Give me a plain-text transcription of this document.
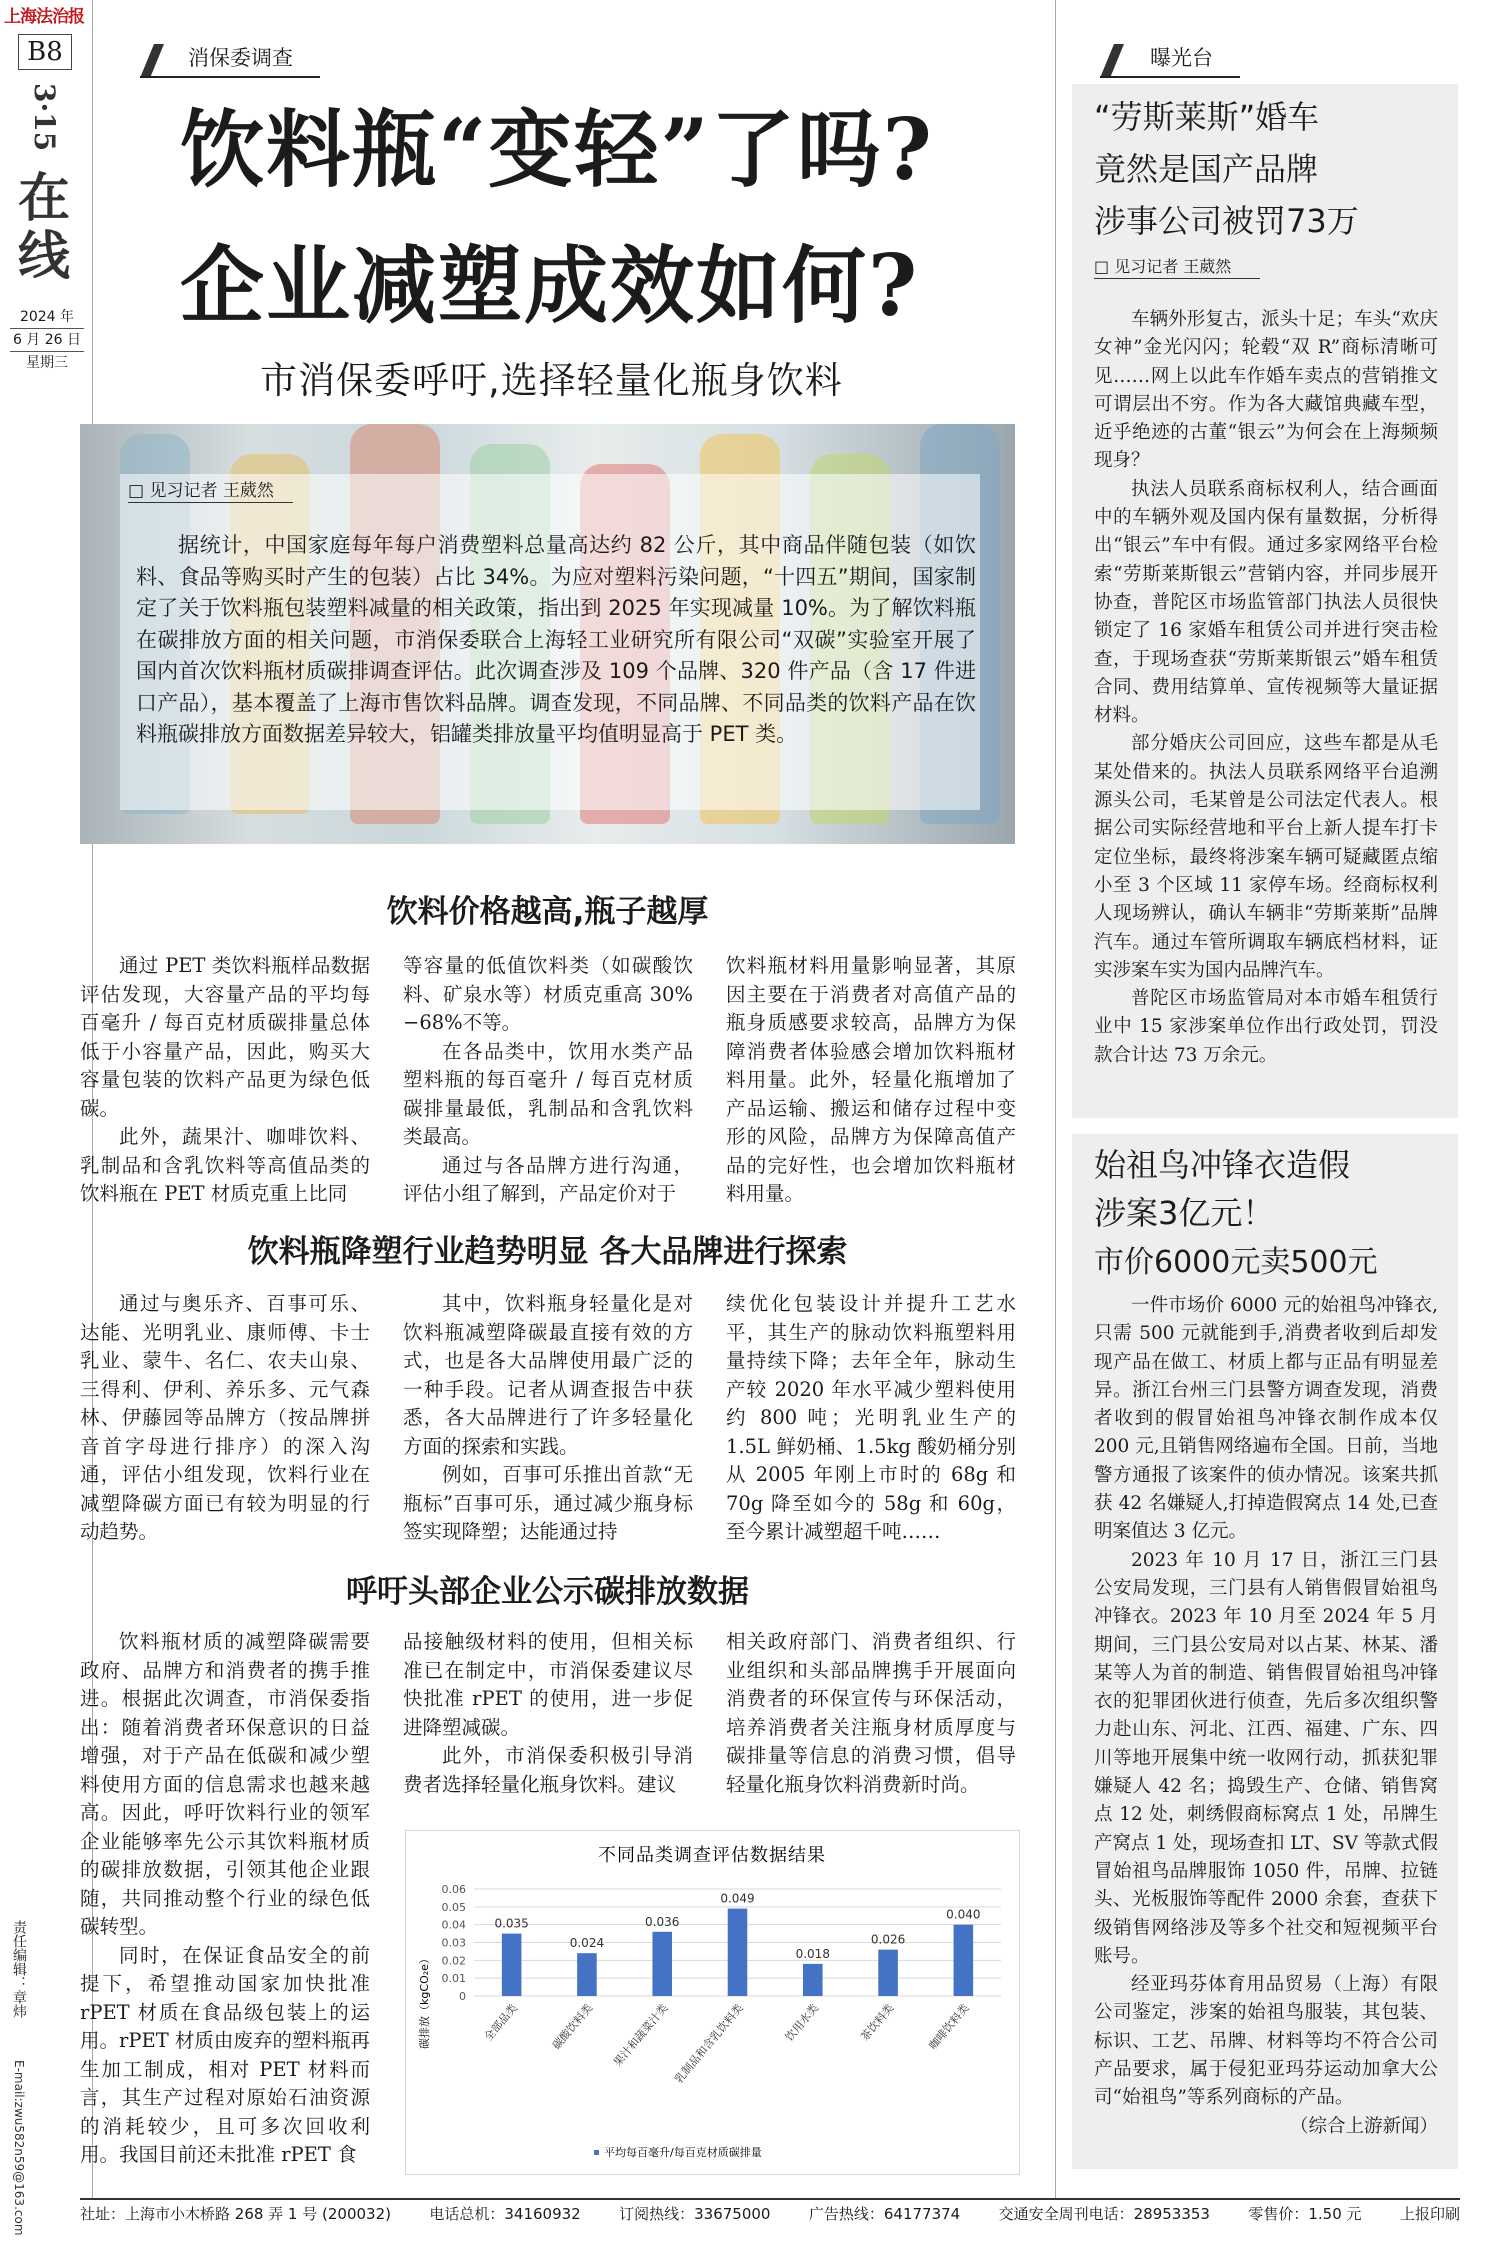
上海法治报
B8
3·15
在
线
2024 年
6 月 26 日
星期三
责任编辑：章炜
E-mail:zwu582n59@163.com
消保委调查
饮料瓶“变轻”了吗?
企业减塑成效如何?
市消保委呼吁,选择轻量化瓶身饮料
□ 见习记者 王葳然

据统计，中国家庭每年每户消费塑料总量高达约 82 公斤，其中商品伴随包装（如饮料、食品等购买时产生的包装）占比 34%。为应对塑料污染问题，“十四五”期间，国家制定了关于饮料瓶包装塑料减量的相关政策，指出到 2025 年实现减量 10%。为了解饮料瓶在碳排放方面的相关问题，市消保委联合上海轻工业研究所有限公司“双碳”实验室开展了国内首次饮料瓶材质碳排调查评估。此次调查涉及 109 个品牌、320 件产品（含 17 件进口产品），基本覆盖了上海市售饮料品牌。调查发现，不同品牌、不同品类的饮料产品在饮料瓶碳排放方面数据差异较大，铝罐类排放量平均值明显高于 PET 类。

饮料价格越高,瓶子越厚

通过 PET 类饮料瓶样品数据评估发现，大容量产品的平均每百毫升 / 每百克材质碳排量总体低于小容量产品，因此，购买大容量包装的饮料产品更为绿色低碳。

此外，蔬果汁、咖啡饮料、乳制品和含乳饮料等高值品类的饮料瓶在 PET 材质克重上比同

等容量的低值饮料类（如碳酸饮料、矿泉水等）材质克重高 30%−68%不等。

在各品类中，饮用水类产品塑料瓶的每百毫升 / 每百克材质碳排量最低，乳制品和含乳饮料类最高。

通过与各品牌方进行沟通，评估小组了解到，产品定价对于

饮料瓶材料用量影响显著，其原因主要在于消费者对高值产品的瓶身质感要求较高，品牌方为保障消费者体验感会增加饮料瓶材料用量。此外，轻量化瓶增加了产品运输、搬运和储存过程中变形的风险，品牌方为保障高值产品的完好性，也会增加饮料瓶材料用量。

饮料瓶降塑行业趋势明显 各大品牌进行探索

通过与奥乐齐、百事可乐、达能、光明乳业、康师傅、卡士乳业、蒙牛、名仁、农夫山泉、三得利、伊利、养乐多、元气森林、伊藤园等品牌方（按品牌拼音首字母进行排序）的深入沟通，评估小组发现，饮料行业在减塑降碳方面已有较为明显的行动趋势。

其中，饮料瓶身轻量化是对饮料瓶减塑降碳最直接有效的方式，也是各大品牌使用最广泛的一种手段。记者从调查报告中获悉，各大品牌进行了许多轻量化方面的探索和实践。

例如，百事可乐推出首款“无瓶标”百事可乐，通过减少瓶身标签实现降塑；达能通过持

续优化包装设计并提升工艺水平，其生产的脉动饮料瓶塑料用量持续下降；去年全年，脉动生产较 2020 年水平减少塑料使用约 800 吨；光明乳业生产的 1.5L 鲜奶桶、1.5kg 酸奶桶分别从 2005 年刚上市时的 68g 和 70g 降至如今的 58g 和 60g，至今累计减塑超千吨……

呼吁头部企业公示碳排放数据

饮料瓶材质的减塑降碳需要政府、品牌方和消费者的携手推进。根据此次调查，市消保委指出：随着消费者环保意识的日益增强，对于产品在低碳和减少塑料使用方面的信息需求也越来越高。因此，呼吁饮料行业的领军企业能够率先公示其饮料瓶材质的碳排放数据，引领其他企业跟随，共同推动整个行业的绿色低碳转型。

同时，在保证食品安全的前提下，希望推动国家加快批准 rPET 材质在食品级包装上的运用。rPET 材质由废弃的塑料瓶再生加工制成，相对 PET 材料而言，其生产过程对原始石油资源的消耗较少，且可多次回收利用。我国目前还未批准 rPET 食

品接触级材料的使用，但相关标准已在制定中，市消保委建议尽快批准 rPET 的使用，进一步促进降塑减碳。

此外，市消保委积极引导消费者选择轻量化瓶身饮料。建议

相关政府部门、消费者组织、行业组织和头部品牌携手开展面向消费者的环保宣传与环保活动，培养消费者关注瓶身材质厚度与碳排量等信息的消费习惯，倡导轻量化瓶身饮料消费新时尚。

不同品类调查评估数据结果
0
0.01
0.02
0.03
0.04
0.05
0.06
0.035
0.024
0.036
0.049
0.018
0.026
0.040
全部品类	碳酸饮料类 果汁和蔬菜汁类 乳制品和含乳饮料类	饮用水类	茶饮料类	咖啡饮料类
碳排放（kgCO₂e）
平均每百毫升/每百克材质碳排量
曝光台
“劳斯莱斯”婚车
竟然是国产品牌
涉事公司被罚73万
□ 见习记者 王葳然

车辆外形复古，派头十足；车头“欢庆女神”金光闪闪；轮毂“双 R”商标清晰可见……网上以此车作婚车卖点的营销推文可谓层出不穷。作为各大藏馆典藏车型，近乎绝迹的古董“银云”为何会在上海频频现身？

执法人员联系商标权利人，结合画面中的车辆外观及国内保有量数据，分析得出“银云”车中有假。通过多家网络平台检索“劳斯莱斯银云”营销内容，并同步展开协查，普陀区市场监管部门执法人员很快锁定了 16 家婚车租赁公司并进行突击检查，于现场查获“劳斯莱斯银云”婚车租赁合同、费用结算单、宣传视频等大量证据材料。

部分婚庆公司回应，这些车都是从毛某处借来的。执法人员联系网络平台追溯源头公司，毛某曾是公司法定代表人。根据公司实际经营地和平台上新人提车打卡定位坐标，最终将涉案车辆可疑藏匿点缩小至 3 个区域 11 家停车场。经商标权利人现场辨认，确认车辆非“劳斯莱斯”品牌汽车。通过车管所调取车辆底档材料，证实涉案车实为国内品牌汽车。

普陀区市场监管局对本市婚车租赁行业中 15 家涉案单位作出行政处罚，罚没款合计达 73 万余元。

始祖鸟冲锋衣造假
涉案3亿元！
市价6000元卖500元

一件市场价 6000 元的始祖鸟冲锋衣,只需 500 元就能到手,消费者收到后却发现产品在做工、材质上都与正品有明显差异。浙江台州三门县警方调查发现，消费者收到的假冒始祖鸟冲锋衣制作成本仅 200 元,且销售网络遍布全国。日前，当地警方通报了该案件的侦办情况。该案共抓获 42 名嫌疑人,打掉造假窝点 14 处,已查明案值达 3 亿元。

2023 年 10 月 17 日，浙江三门县公安局发现，三门县有人销售假冒始祖鸟冲锋衣。2023 年 10 月至 2024 年 5 月期间，三门县公安局对以占某、林某、潘某等人为首的制造、销售假冒始祖鸟冲锋衣的犯罪团伙进行侦查，先后多次组织警力赴山东、河北、江西、福建、广东、四川等地开展集中统一收网行动，抓获犯罪嫌疑人 42 名；捣毁生产、仓储、销售窝点 12 处，刺绣假商标窝点 1 处，吊牌生产窝点 1 处，现场查扣 LT、SV 等款式假冒始祖鸟品牌服饰 1050 件，吊牌、拉链头、光板服饰等配件 2000 余套，查获下级销售网络涉及等多个社交和短视频平台账号。

经亚玛芬体育用品贸易（上海）有限公司鉴定，涉案的始祖鸟服装，其包装、标识、工艺、吊牌、材料等均不符合公司产品要求，属于侵犯亚玛芬运动加拿大公司“始祖鸟”等系列商标的产品。

（综合上游新闻）

社址：上海市小木桥路 268 弄 1 号 (200032)	电话总机：34160932	订阅热线：33675000	广告热线：64177374	交通安全周刊电话：28953353	零售价：1.50 元	上报印刷
